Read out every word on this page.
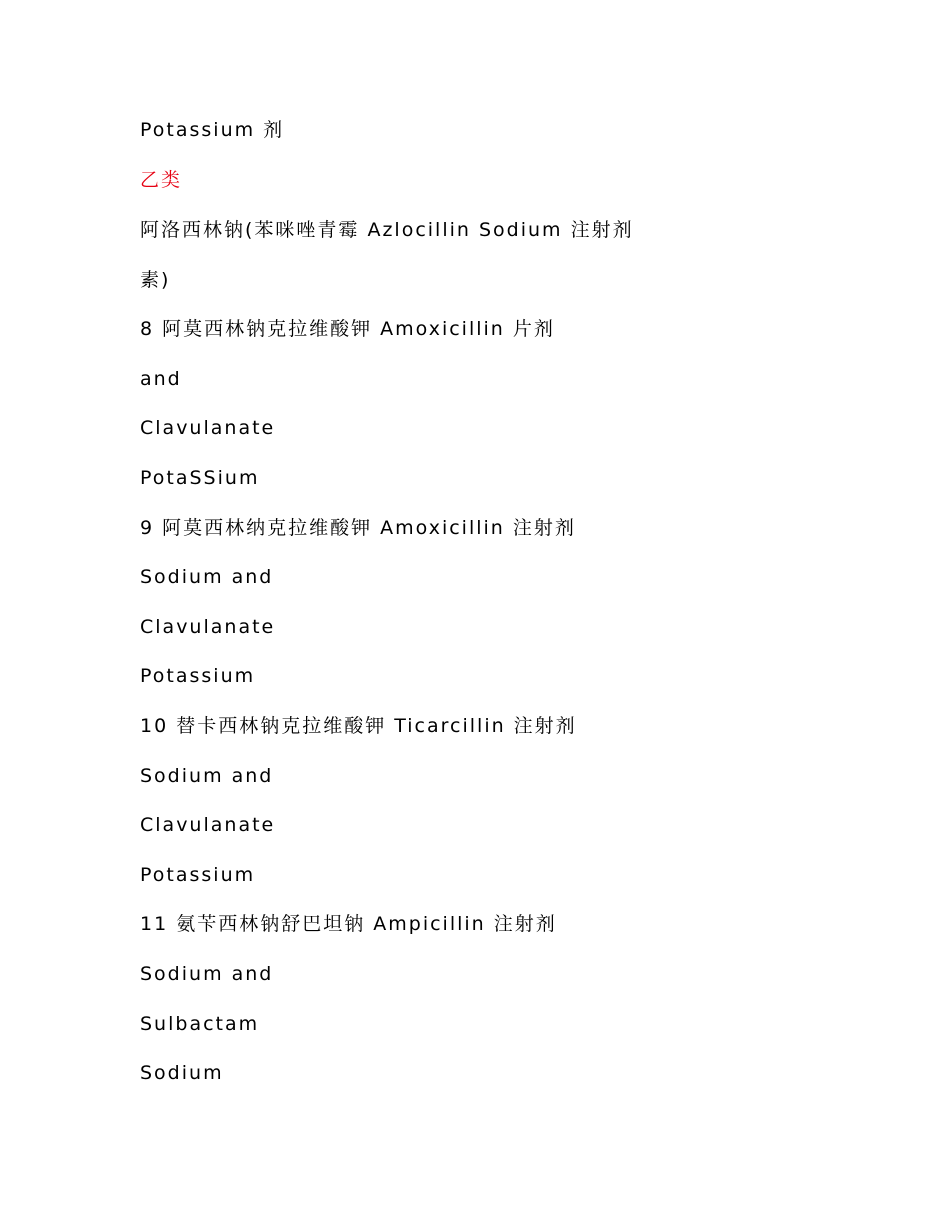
Potassium 剂

乙类

阿洛西林钠(苯咪唑青霉 Azlocillin Sodium 注射剂

素)

8 阿莫西林钠克拉维酸钾 Amoxicillin 片剂

and

Clavulanate

PotaSSium

9 阿莫西林纳克拉维酸钾 Amoxicillin 注射剂

Sodium and

Clavulanate

Potassium

10 替卡西林钠克拉维酸钾 Ticarcillin 注射剂

Sodium and

Clavulanate

Potassium

11 氨苄西林钠舒巴坦钠 Ampicillin 注射剂

Sodium and

Sulbactam

Sodium
